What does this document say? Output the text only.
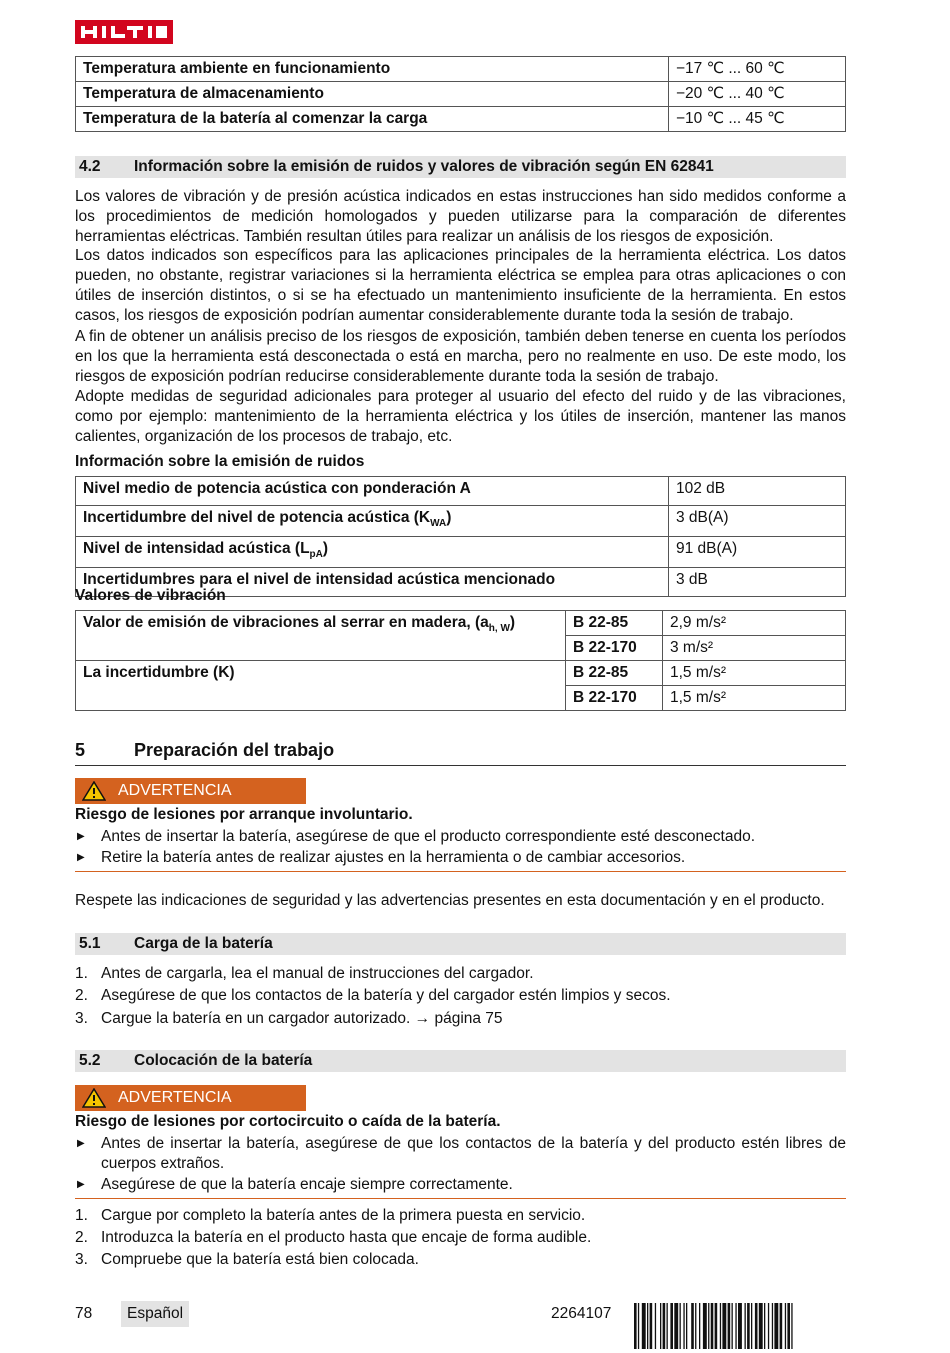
Temperatura ambiente en funcionamiento	−17 ℃ ... 60 ℃
Temperatura de almacenamiento	−20 ℃ ... 40 ℃
Temperatura de la batería al comenzar la carga	−10 ℃ ... 45 ℃
4.2 Información sobre la emisión de ruidos y valores de vibración según EN 62841

Los valores de vibración y de presión acústica indicados en estas instrucciones han sido medidos conforme a los procedimientos de medición homologados y pueden utilizarse para la comparación de diferentes herramientas eléctricas. También resultan útiles para realizar un análisis de los riesgos de exposición.

Los datos indicados son específicos para las aplicaciones principales de la herramienta eléctrica. Los datos pueden, no obstante, registrar variaciones si la herramienta eléctrica se emplea para otras aplicaciones o con útiles de inserción distintos, o si se ha efectuado un mantenimiento insuficiente de la herramienta. En estos casos, los riesgos de exposición podrían aumentar considerablemente durante toda la sesión de trabajo.

A fin de obtener un análisis preciso de los riesgos de exposición, también deben tenerse en cuenta los períodos en los que la herramienta está desconectada o está en marcha, pero no realmente en uso. De este modo, los riesgos de exposición podrían reducirse considerablemente durante toda la sesión de trabajo.

Adopte medidas de seguridad adicionales para proteger al usuario del efecto del ruido y de las vibraciones, como por ejemplo: mantenimiento de la herramienta eléctrica y los útiles de inserción, mantener las manos calientes, organización de los procesos de trabajo, etc.

Información sobre la emisión de ruidos
Nivel medio de potencia acústica con ponderación A	102 dB
Incertidumbre del nivel de potencia acústica $(K_{WA})$	3 dB(A)
Nivel de intensidad acústica $(L_{pA})$	91 dB(A)
Incertidumbres para el nivel de intensidad acústica mencionado	3 dB
Valores de vibración
Valor de emisión de vibraciones al serrar en madera, $(a_{h, W})$	B 22-85	2,9 m/s²
	B 22-170	3 m/s²
La incertidumbre (K)	B 22-85	1,5 m/s²
	B 22-170	1,5 m/s²
5	Preparación del trabajo
ADVERTENCIA
Riesgo de lesiones por arranque involuntario.
▶ Antes de insertar la batería, asegúrese de que el producto correspondiente esté desconectado.
▶ Retire la batería antes de realizar ajustes en la herramienta o de cambiar accesorios.

Respete las indicaciones de seguridad y las advertencias presentes en esta documentación y en el producto.

5.1 Carga de la batería
1. Antes de cargarla, lea el manual de instrucciones del cargador.
2. Asegúrese de que los contactos de la batería y del cargador estén limpios y secos.
3. Cargue la batería en un cargador autorizado. → página 75
5.2 Colocación de la batería
ADVERTENCIA
Riesgo de lesiones por cortocircuito o caída de la batería.
▶ Antes de insertar la batería, asegúrese de que los contactos de la batería y del producto estén libres de cuerpos extraños.
▶ Asegúrese de que la batería encaje siempre correctamente.
1. Cargue por completo la batería antes de la primera puesta en servicio.
2. Introduzca la batería en el producto hasta que encaje de forma audible.
3. Compruebe que la batería está bien colocada.
78	Español	2264107
